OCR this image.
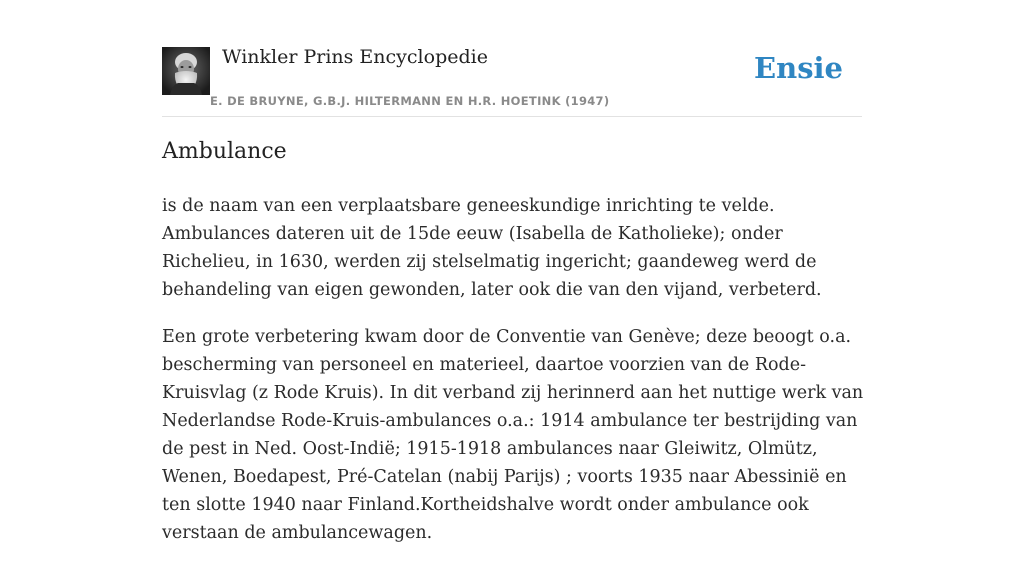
Winkler Prins Encyclopedie
E. DE BRUYNE, G.B.J. HILTERMANN EN H.R. HOETINK (1947)
Ensie
Ambulance

is de naam van een verplaatsbare geneeskundige inrichting te velde. Ambulances dateren uit de 15de eeuw (Isabella de Katholieke); onder Richelieu, in 1630, werden zij stelselmatig ingericht; gaandeweg werd de behandeling van eigen gewonden, later ook die van den vijand, verbeterd.

Een grote verbetering kwam door de Conventie van Genève; deze beoogt o.a. bescherming van personeel en materieel, daartoe voorzien van de Rode-Kruisvlag (z Rode Kruis). In dit verband zij herinnerd aan het nuttige werk van Nederlandse Rode-Kruis-ambulances o.a.: 1914 ambulance ter bestrijding van de pest in Ned. Oost-Indië; 1915-1918 ambulances naar Gleiwitz, Olmütz, Wenen, Boedapest, Pré-Catelan (nabij Parijs) ; voorts 1935 naar Abessinië en ten slotte 1940 naar Finland.Kortheidshalve wordt onder ambulance ook verstaan de ambulancewagen.
